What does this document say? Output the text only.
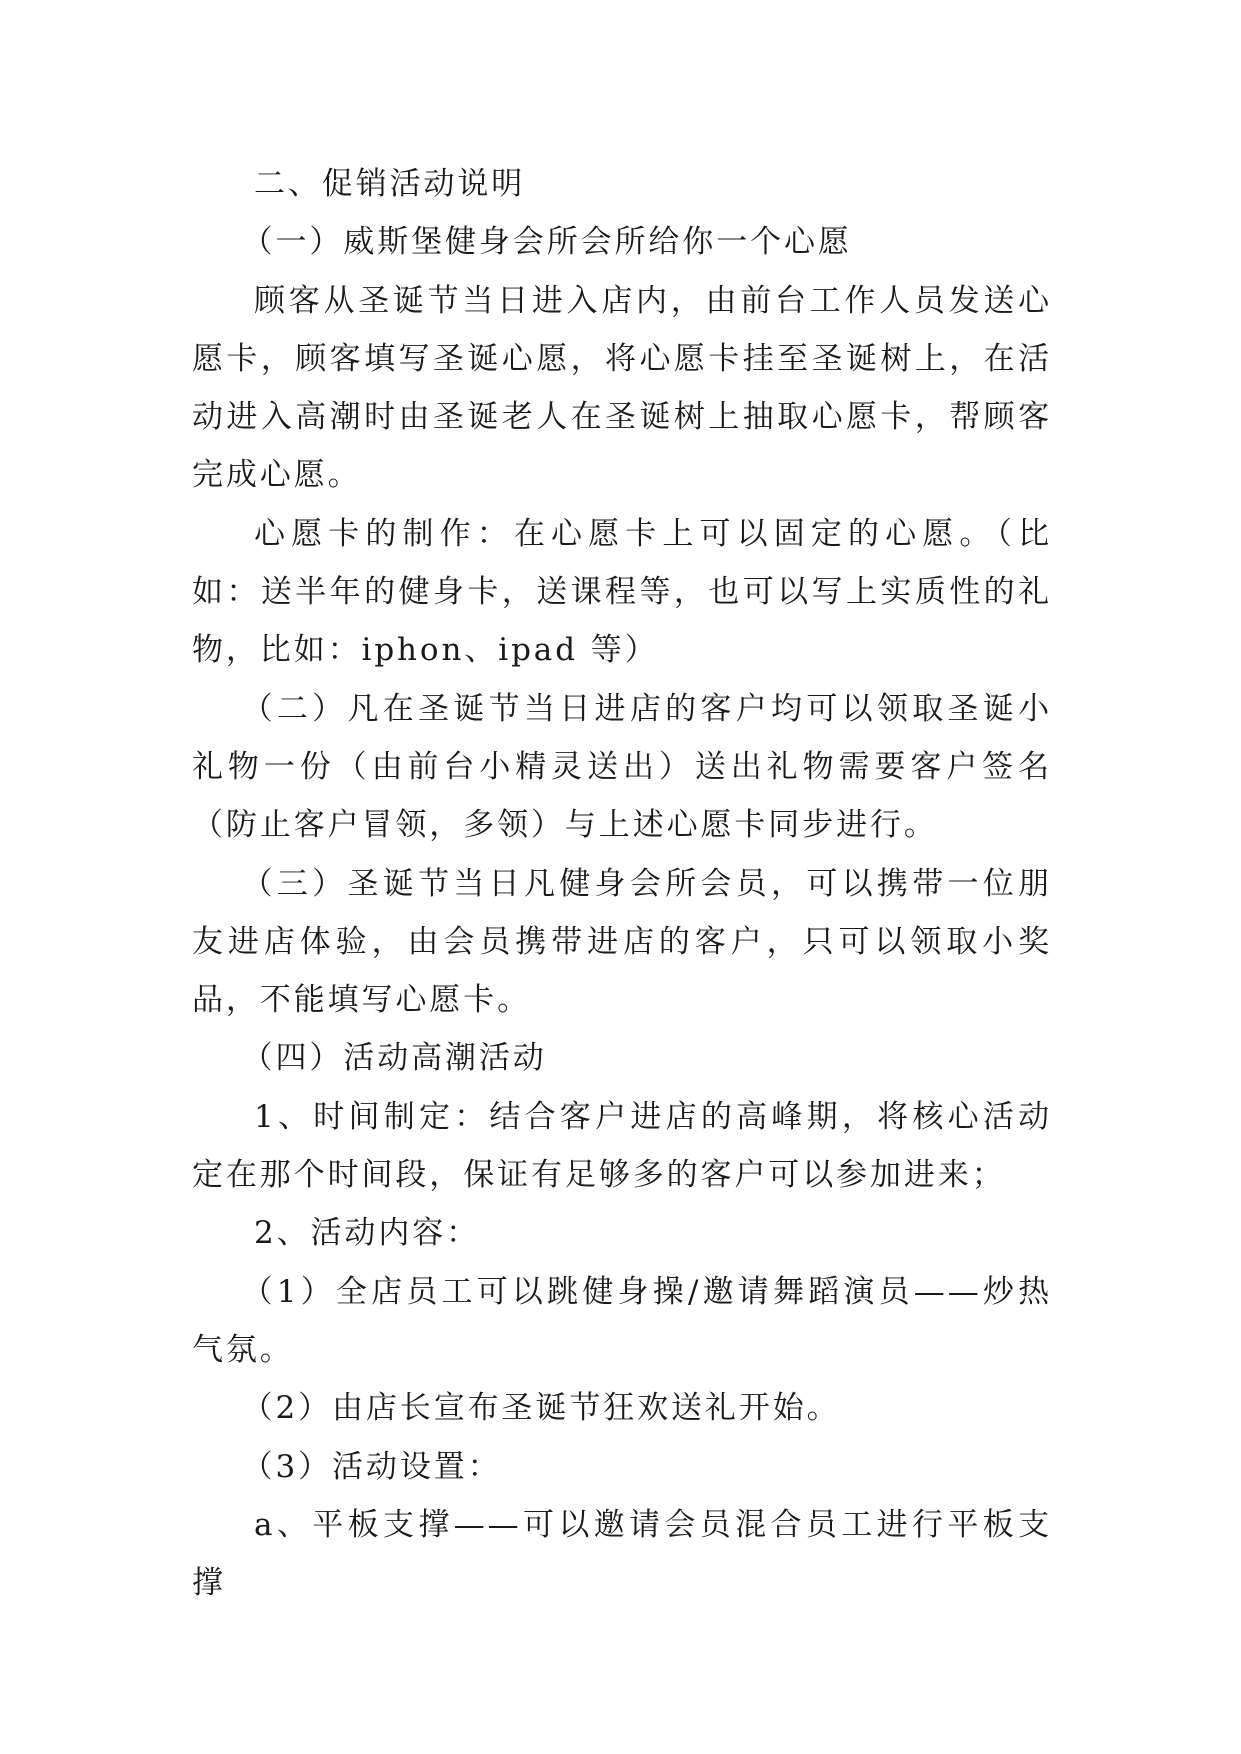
二、促销活动说明

（一）威斯堡健身会所会所给你一个心愿

顾客从圣诞节当日进入店内，由前台工作人员发送心愿卡，顾客填写圣诞心愿，将心愿卡挂至圣诞树上，在活动进入高潮时由圣诞老人在圣诞树上抽取心愿卡，帮顾客完成心愿。

心愿卡的制作：在心愿卡上可以固定的心愿。（比如：送半年的健身卡，送课程等，也可以写上实质性的礼物，比如：iphon、ipad 等）

（二）凡在圣诞节当日进店的客户均可以领取圣诞小礼物一份（由前台小精灵送出）送出礼物需要客户签名（防止客户冒领，多领）与上述心愿卡同步进行。

（三）圣诞节当日凡健身会所会员，可以携带一位朋友进店体验，由会员携带进店的客户，只可以领取小奖品，不能填写心愿卡。

（四）活动高潮活动

1、时间制定：结合客户进店的高峰期，将核心活动定在那个时间段，保证有足够多的客户可以参加进来；

2、活动内容：

（1）全店员工可以跳健身操/邀请舞蹈演员——炒热气氛。

（2）由店长宣布圣诞节狂欢送礼开始。

（3）活动设置：

a、平板支撑——可以邀请会员混合员工进行平板支撑
